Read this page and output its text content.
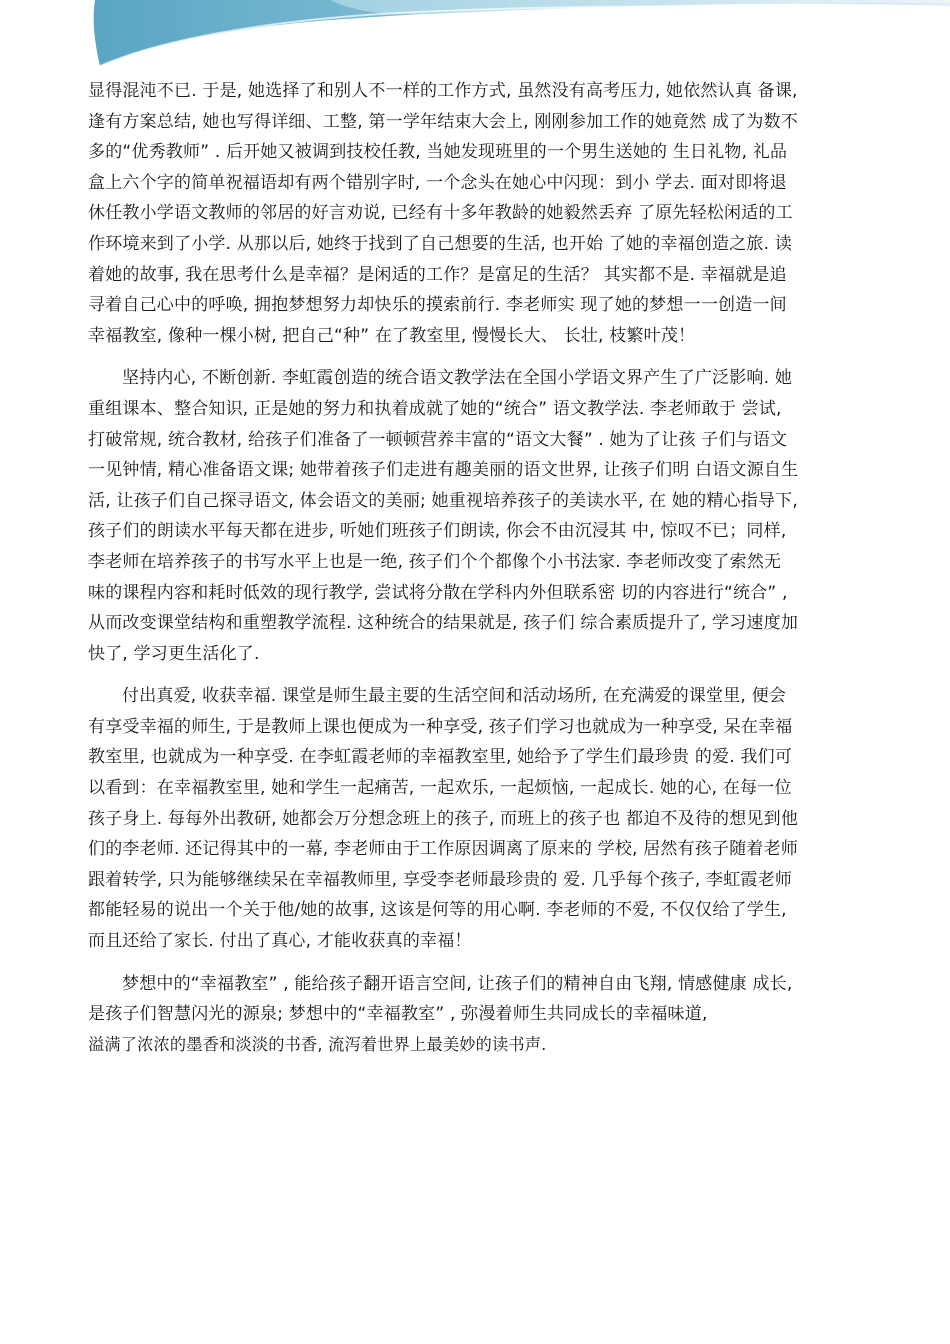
显得混沌不已. 于是, 她选择了和别人不一样的工作方式, 虽然没有高考压力, 她依然认真 备课,

逢有方案总结, 她也写得详细、工整, 第一学年结束大会上, 刚刚参加工作的她竟然 成了为数不

多的“优秀教师” . 后开她又被调到技校任教, 当她发现班里的一个男生送她的 生日礼物, 礼品

盒上六个字的简单祝福语却有两个错别字时, 一个念头在她心中闪现：到小 学去. 面对即将退

休任教小学语文教师的邻居的好言劝说, 已经有十多年教龄的她毅然丢弃 了原先轻松闲适的工

作环境来到了小学. 从那以后, 她终于找到了自己想要的生活, 也开始 了她的幸福创造之旅. 读

着她的故事, 我在思考什么是幸福？是闲适的工作？是富足的生活？ 其实都不是. 幸福就是追

寻着自己心中的呼唤, 拥抱梦想努力却快乐的摸索前行. 李老师实 现了她的梦想一一创造一间

幸福教室, 像种一棵小树, 把自己“种” 在了教室里, 慢慢长大、 长壮, 枝繁叶茂！

坚持内心, 不断创新. 李虹霞创造的统合语文教学法在全国小学语文界产生了广泛影响. 她

重组课本、整合知识, 正是她的努力和执着成就了她的“统合” 语文教学法. 李老师敢于 尝试,

打破常规, 统合教材, 给孩子们准备了一顿顿营养丰富的“语文大餐” . 她为了让孩 子们与语文

一见钟情, 精心准备语文课; 她带着孩子们走进有趣美丽的语文世界, 让孩子们明 白语文源自生

活, 让孩子们自己探寻语文, 体会语文的美丽; 她重视培养孩子的美读水平, 在 她的精心指导下,

孩子们的朗读水平每天都在进步, 听她们班孩子们朗读, 你会不由沉浸其 中, 惊叹不已；同样,

李老师在培养孩子的书写水平上也是一绝, 孩子们个个都像个小书法家. 李老师改变了索然无

味的课程内容和耗时低效的现行教学, 尝试将分散在学科内外但联系密 切的内容进行“统合” ,

从而改变课堂结构和重塑教学流程. 这种统合的结果就是, 孩子们 综合素质提升了, 学习速度加

快了, 学习更生活化了.

付出真爱, 收获幸福. 课堂是师生最主要的生活空间和活动场所, 在充满爱的课堂里, 便会

有享受幸福的师生, 于是教师上课也便成为一种享受, 孩子们学习也就成为一种享受, 呆在幸福

教室里, 也就成为一种享受. 在李虹霞老师的幸福教室里, 她给予了学生们最珍贵 的爱. 我们可

以看到：在幸福教室里, 她和学生一起痛苦, 一起欢乐, 一起烦恼, 一起成长. 她的心, 在每一位

孩子身上. 每每外出教研, 她都会万分想念班上的孩子, 而班上的孩子也 都迫不及待的想见到他

们的李老师. 还记得其中的一幕, 李老师由于工作原因调离了原来的 学校, 居然有孩子随着老师

跟着转学, 只为能够继续呆在幸福教师里, 享受李老师最珍贵的 爱. 几乎每个孩子, 李虹霞老师

都能轻易的说出一个关于他/她的故事, 这该是何等的用心啊. 李老师的不爱, 不仅仅给了学生,

而且还给了家长. 付出了真心, 才能收获真的幸福！

梦想中的“幸福教室” , 能给孩子翻开语言空间, 让孩子们的精神自由飞翔, 情感健康 成长,

是孩子们智慧闪光的源泉; 梦想中的“幸福教室” , 弥漫着师生共同成长的幸福味道,

溢满了浓浓的墨香和淡淡的书香, 流泻着世界上最美妙的读书声.
